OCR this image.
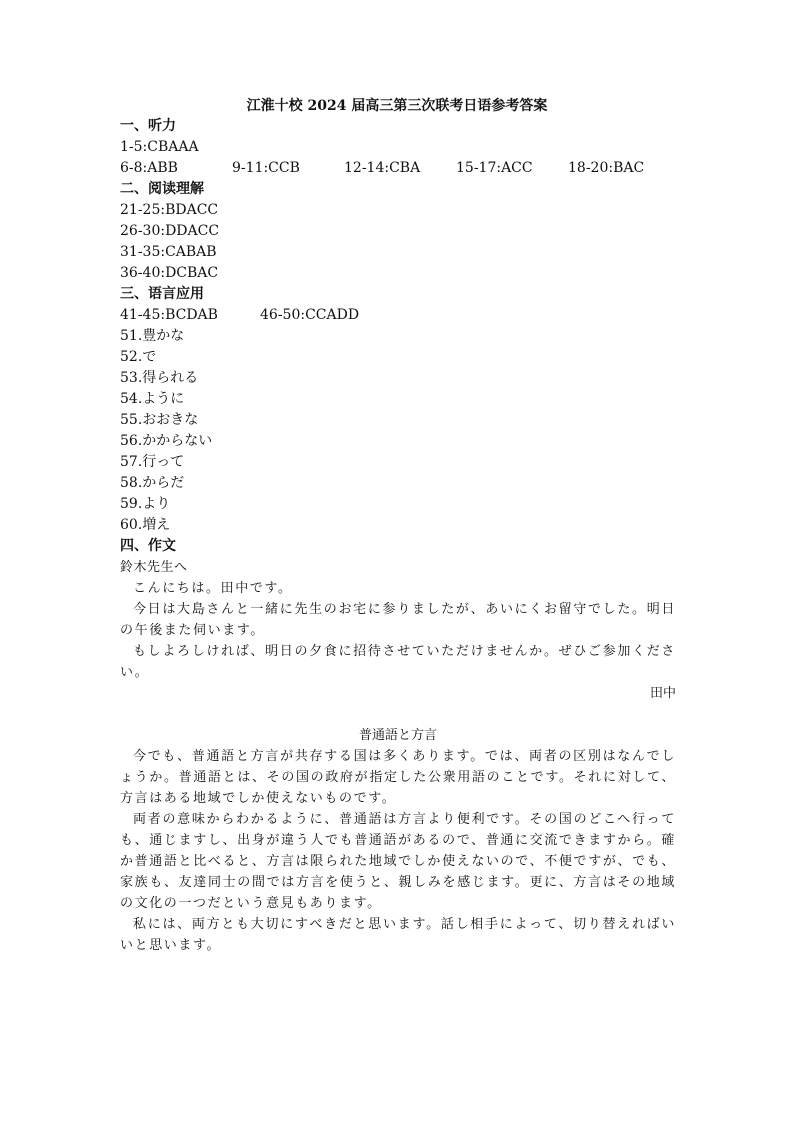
江淮十校 2024 届高三第三次联考日语参考答案
一、听力
1-5:CBAAA
6-8:ABB	9-11:CCB	12-14:CBA	15-17:ACC	18-20:BAC
二、阅读理解
21-25:BDACC
26-30:DDACC
31-35:CABAB
36-40:DCBAC
三、语言应用
41-45:BCDAB	46-50:CCADD
51.豊かな
52.で
53.得られる
54.ように
55.おおきな
56.かからない
57.行って
58.からだ
59.より
60.増え
四、作文
鈴木先生へ
こんにちは。田中です。
今日は大島さんと一緒に先生のお宅に参りましたが、あいにくお留守でした。明日の午後また伺います。
もしよろしければ、明日の夕食に招待させていただけませんか。ぜひご参加ください。
田中
普通語と方言
今でも、普通語と方言が共存する国は多くあります。では、両者の区別はなんでしょうか。普通語とは、その国の政府が指定した公衆用語のことです。それに対して、方言はある地域でしか使えないものです。
両者の意味からわかるように、普通語は方言より便利です。その国のどこへ行っても、通じますし、出身が違う人でも普通語があるので、普通に交流できますから。確か普通語と比べると、方言は限られた地域でしか使えないので、不便ですが、でも、家族も、友達同士の間では方言を使うと、親しみを感じます。更に、方言はその地域の文化の一つだという意見もあります。
私には、両方とも大切にすべきだと思います。話し相手によって、切り替えればいいと思います。
